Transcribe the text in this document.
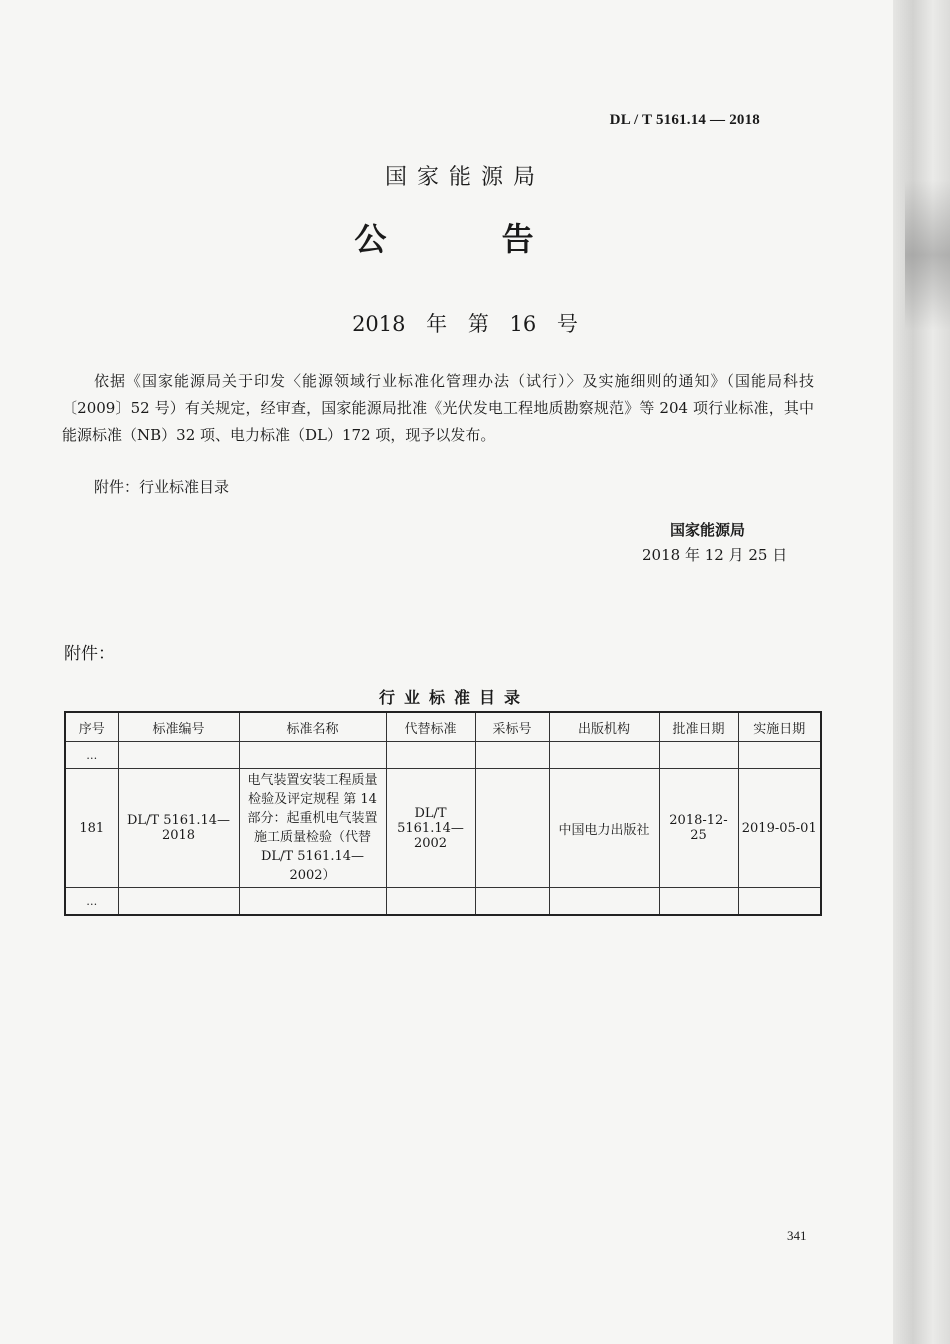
DL / T 5161.14 — 2018
国家能源局
公 告
2018 年 第 16 号
依据《国家能源局关于印发〈能源领域行业标准化管理办法（试行）〉及实施细则的通知》（国能局科技〔2009〕52 号）有关规定，经审查，国家能源局批准《光伏发电工程地质勘察规范》等 204 项行业标准，其中能源标准（NB）32 项、电力标准（DL）172 项，现予以发布。
附件：行业标准目录
国家能源局
2018 年 12 月 25 日
附件：
行业标准目录
序号	标准编号	标准名称	代替标准	采标号	出版机构	批准日期	实施日期
…							
181	DL/T 5161.14—2018	电气装置安装工程质量检验及评定规程 第 14 部分：起重机电气装置施工质量检验（代替 DL/T 5161.14—2002）	DL/T 5161.14—2002		中国电力出版社	2018-12-25	2019-05-01
…							
341
